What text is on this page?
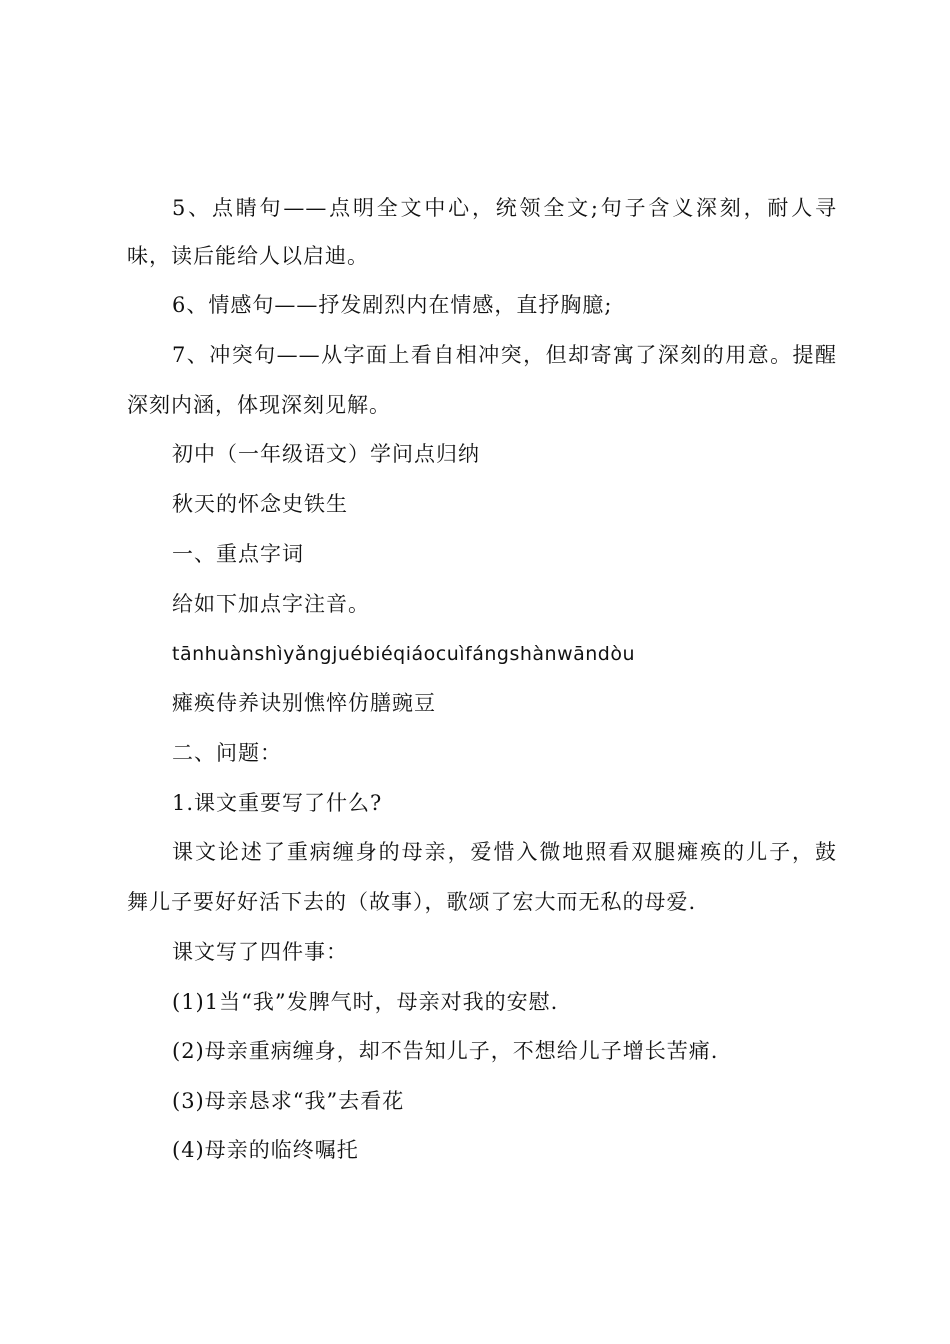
5、点睛句——点明全文中心，统领全文;句子含义深刻，耐人寻
味，读后能给人以启迪。
6、情感句——抒发剧烈内在情感，直抒胸臆;
7、冲突句——从字面上看自相冲突，但却寄寓了深刻的用意。提醒
深刻内涵，体现深刻见解。
初中（一年级语文）学问点归纳
秋天的怀念史铁生
一、重点字词
给如下加点字注音。
tānhuànshìyǎngjuébiéqiáocuìfángshànwāndòu
瘫痪侍养诀别憔悴仿膳豌豆
二、问题：
1.课文重要写了什么?
课文论述了重病缠身的母亲，爱惜入微地照看双腿瘫痪的儿子，鼓
舞儿子要好好活下去的（故事），歌颂了宏大而无私的母爱.
课文写了四件事：
(1)1当“我”发脾气时，母亲对我的安慰.
(2)母亲重病缠身，却不告知儿子，不想给儿子增长苦痛.
(3)母亲恳求“我”去看花
(4)母亲的临终嘱托
